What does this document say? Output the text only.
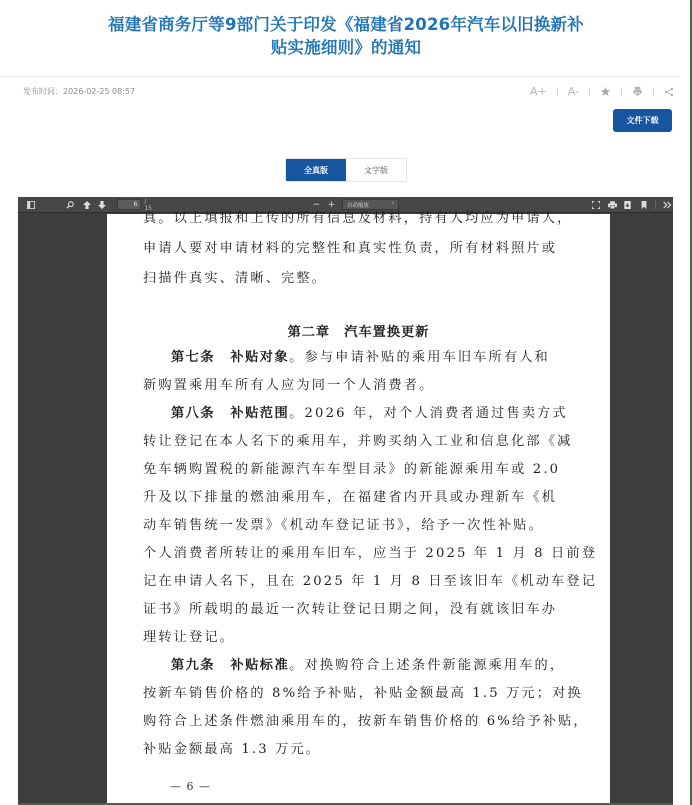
福建省商务厅等9部门关于印发《福建省2026年汽车以旧换新补
贴实施细则》的通知
发布时间：2026-02-25 08:57	A+ A-
文件下载
全真版	文字版
6	/ 15	− + 自动缩放	⌃
真。以上填报和上传的所有信息及材料，持有人均应为申请人，
申请人要对申请材料的完整性和真实性负责，所有材料照片或
扫描件真实、清晰、完整。
第二章　汽车置换更新
第七条　 补贴对象。参与申请补贴的乘用车旧车所有人和
新购置乘用车所有人应为同一个人消费者。
第八条　 补贴范围。2026 年，对个人消费者通过售卖方式
转让登记在本人名下的乘用车，并购买纳入工业和信息化部《减
免车辆购置税的新能源汽车车型目录》的新能源乘用车或 2.0
升及以下排量的燃油乘用车，在福建省内开具或办理新车《机
动车销售统一发票》《机动车登记证书》，给予一次性补贴。
个人消费者所转让的乘用车旧车，应当于 2025 年 1 月 8 日前登
记在申请人名下，且在 2025 年 1 月 8 日至该旧车《机动车登记
证书》所载明的最近一次转让登记日期之间，没有就该旧车办
理转让登记。
第九条　 补贴标准。对换购符合上述条件新能源乘用车的，
按新车销售价格的 8%给予补贴，补贴金额最高 1.5 万元；对换
购符合上述条件燃油乘用车的，按新车销售价格的 6%给予补贴，
补贴金额最高 1.3 万元。
— 6 —
